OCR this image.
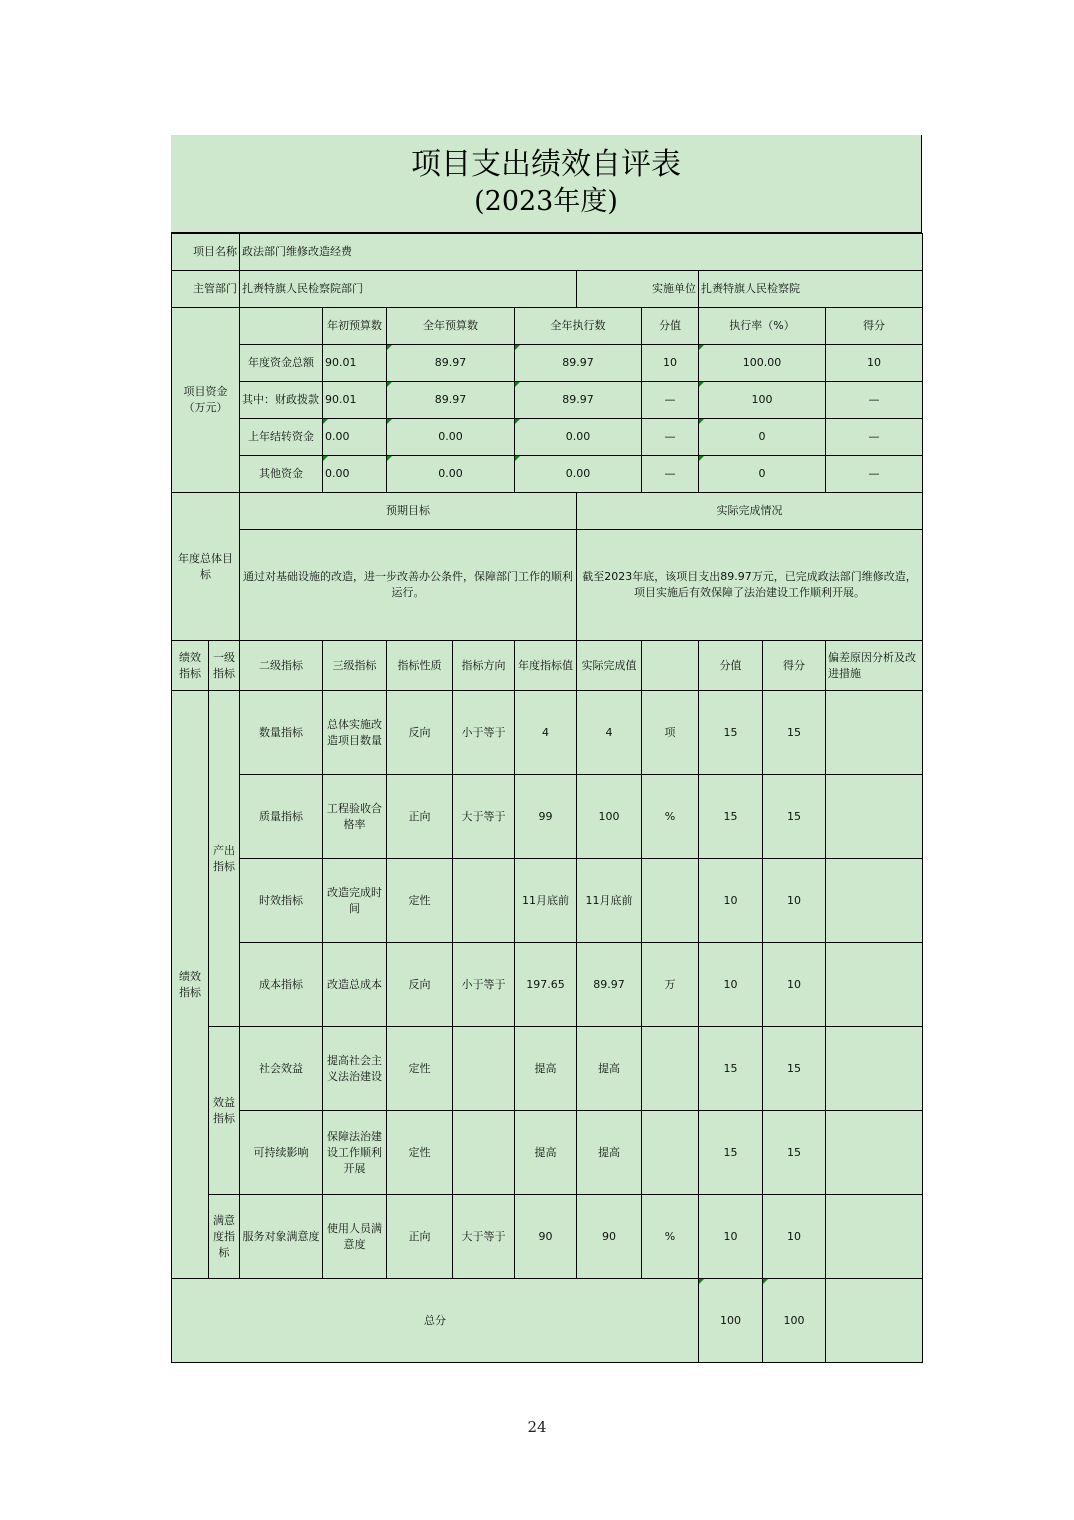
项目支出绩效自评表
(2023年度)
项目名称		政法部门维修改造经费									
主管部门		扎赉特旗人民检察院部门					实施单位		扎赉特旗人民检察院		
项目资金（万元）			年初预算数	全年预算数		全年执行数		分值	执行率（%）		得分
		年度资金总额	90.01	89.97		89.97		10	100.00		10
		其中：财政拨款	90.01	89.97		89.97		—	100		—
		上年结转资金	0.00	0.00		0.00		—	0		—
		其他资金	0.00	0.00		0.00		—	0		—
年度总体目标		预期目标					实际完成情况				
		通过对基础设施的改造，进一步改善办公条件，保障部门工作的顺利运行。					截至2023年底，该项目支出89.97万元，已完成政法部门维修改造，项目实施后有效保障了法治建设工作顺利开展。				
绩效指标	一级指标	二级指标	三级指标	指标性质	指标方向	年度指标值	实际完成值		分值	得分	偏差原因分析及改进措施
绩效指标	产出指标	数量指标	总体实施改造项目数量	反向	小于等于	4	4	项	15	15	
		质量指标	工程验收合格率	正向	大于等于	99	100	%	15	15	
		时效指标	改造完成时间	定性		11月底前	11月底前		10	10	
		成本指标	改造总成本	反向	小于等于	197.65	89.97	万	10	10	
	效益指标	社会效益	提高社会主义法治建设	定性		提高	提高		15	15	
		可持续影响	保障法治建设工作顺利开展	定性		提高	提高		15	15	
	满意度指标	服务对象满意度	使用人员满意度	正向	大于等于	90	90	%	10	10	
总分									100	100	
24
